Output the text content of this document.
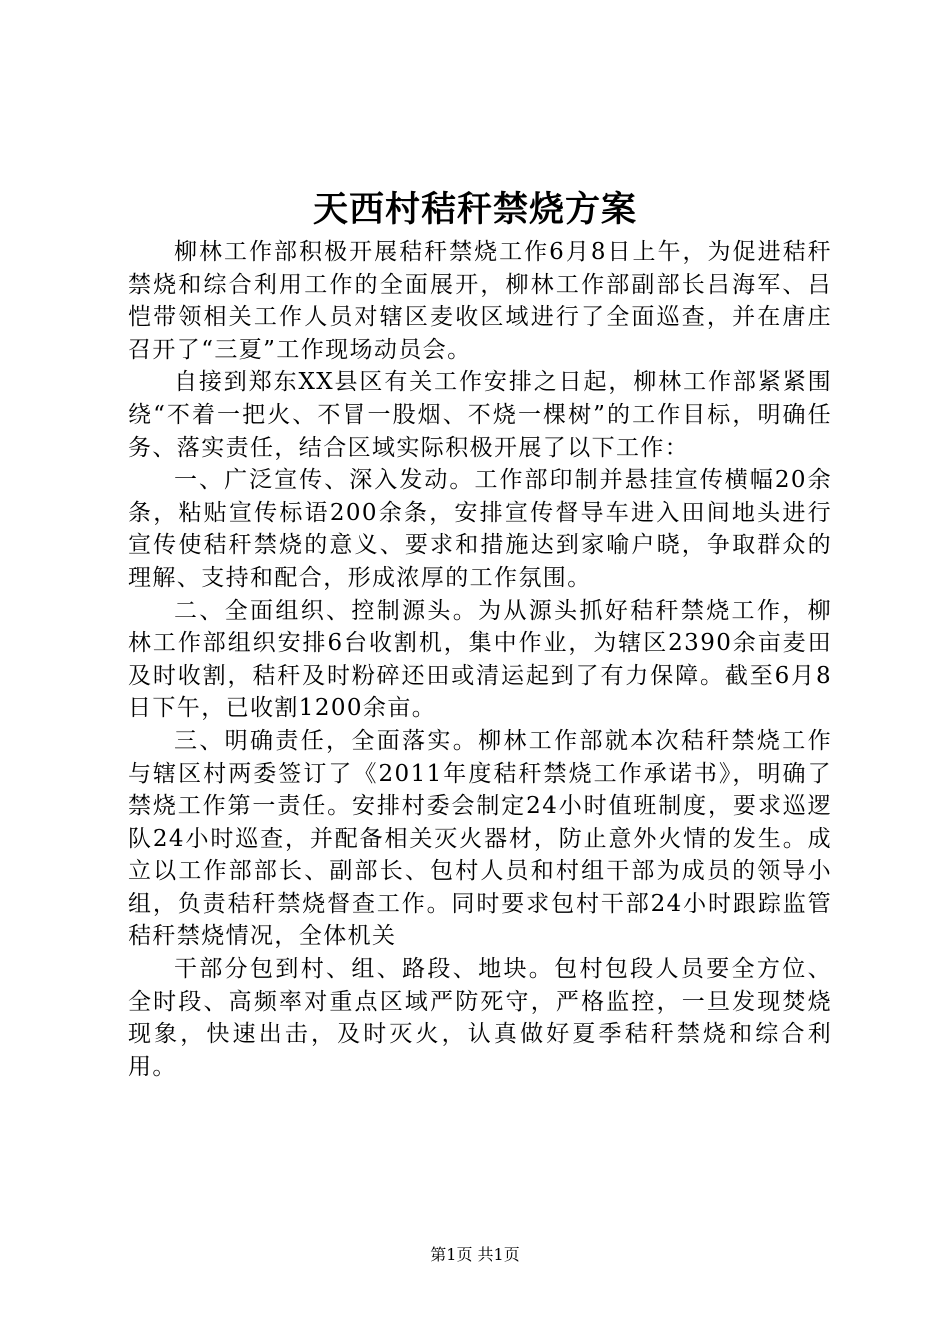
天西村秸秆禁烧方案

柳林工作部积极开展秸秆禁烧工作6月8日上午，为促进秸秆禁烧和综合利用工作的全面展开，柳林工作部副部长吕海军、吕恺带领相关工作人员对辖区麦收区域进行了全面巡查，并在唐庄召开了“三夏”工作现场动员会。

自接到郑东XX县区有关工作安排之日起，柳林工作部紧紧围绕“不着一把火、不冒一股烟、不烧一棵树”的工作目标，明确任务、落实责任，结合区域实际积极开展了以下工作：

一、广泛宣传、深入发动。工作部印制并悬挂宣传横幅20余条，粘贴宣传标语200余条，安排宣传督导车进入田间地头进行宣传使秸秆禁烧的意义、要求和措施达到家喻户晓，争取群众的理解、支持和配合，形成浓厚的工作氛围。

二、全面组织、控制源头。为从源头抓好秸秆禁烧工作，柳林工作部组织安排6台收割机，集中作业，为辖区2390余亩麦田及时收割，秸秆及时粉碎还田或清运起到了有力保障。截至6月8日下午，已收割1200余亩。

三、明确责任，全面落实。柳林工作部就本次秸秆禁烧工作与辖区村两委签订了《2011年度秸秆禁烧工作承诺书》，明确了禁烧工作第一责任。安排村委会制定24小时值班制度，要求巡逻队24小时巡查，并配备相关灭火器材，防止意外火情的发生。成立以工作部部长、副部长、包村人员和村组干部为成员的领导小组，负责秸秆禁烧督查工作。同时要求包村干部24小时跟踪监管秸秆禁烧情况，全体机关

干部分包到村、组、路段、地块。包村包段人员要全方位、全时段、高频率对重点区域严防死守，严格监控，一旦发现焚烧现象，快速出击，及时灭火，认真做好夏季秸秆禁烧和综合利用。

第1页 共1页
